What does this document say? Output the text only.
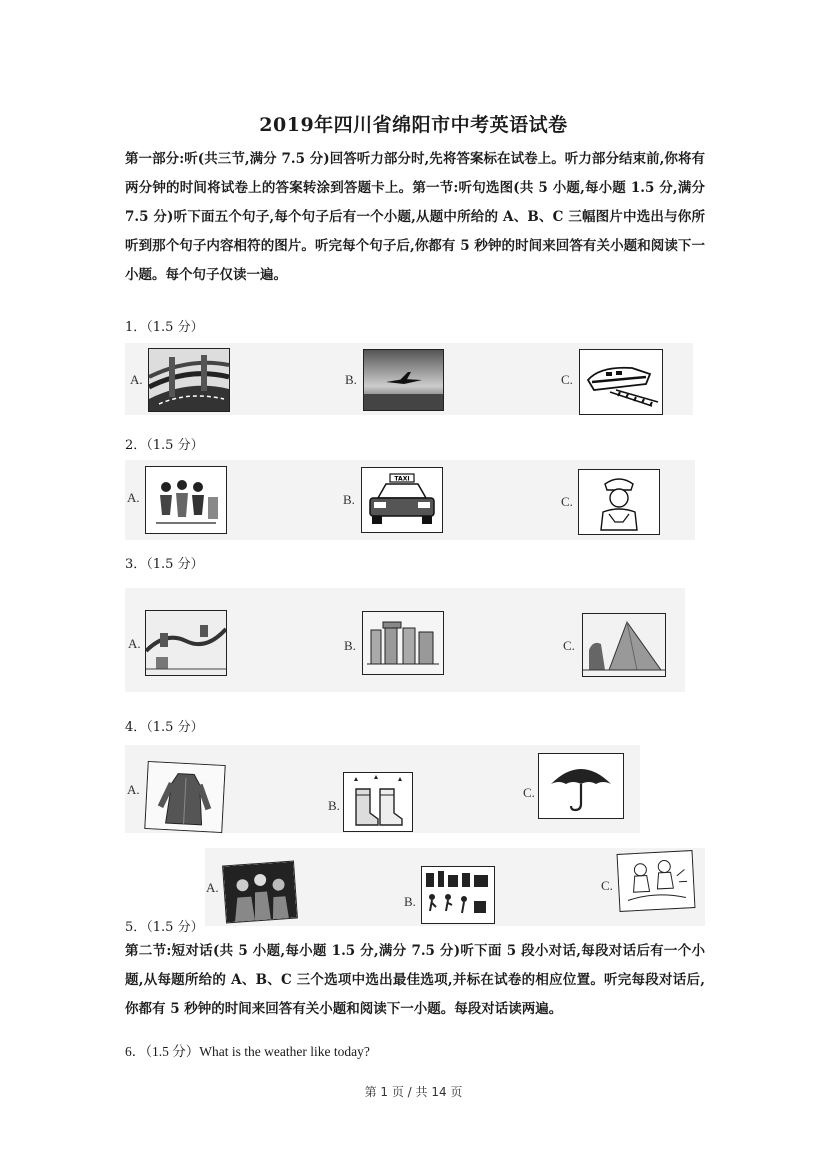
2019年四川省绵阳市中考英语试卷
第一部分:听(共三节,满分 7.5 分)回答听力部分时,先将答案标在试卷上。听力部分结束前,你将有两分钟的时间将试卷上的答案转涂到答题卡上。第一节:听句选图(共 5 小题,每小题 1.5 分,满分 7.5 分)听下面五个句子,每个句子后有一个小题,从题中所给的 A、B、C 三幅图片中选出与你所听到那个句子内容相符的图片。听完每个句子后,你都有 5 秒钟的时间来回答有关小题和阅读下一小题。每个句子仅读一遍。
1．（1.5 分）
A.	B.	C.
2．（1.5 分）
A.	B.
TAXI
C.
3．（1.5 分）
A.	B.	C.
4．（1.5 分）
A.
B.
C.
A.
B.
C.
5．（1.5 分）
第二节:短对话(共 5 小题,每小题 1.5 分,满分 7.5 分)听下面 5 段小对话,每段对话后有一个小题,从每题所给的 A、B、C 三个选项中选出最佳选项,并标在试卷的相应位置。听完每段对话后,你都有 5 秒钟的时间来回答有关小题和阅读下一小题。每段对话读两遍。
6．（1.5 分）What is the weather like today?
第 1 页 / 共 14 页
